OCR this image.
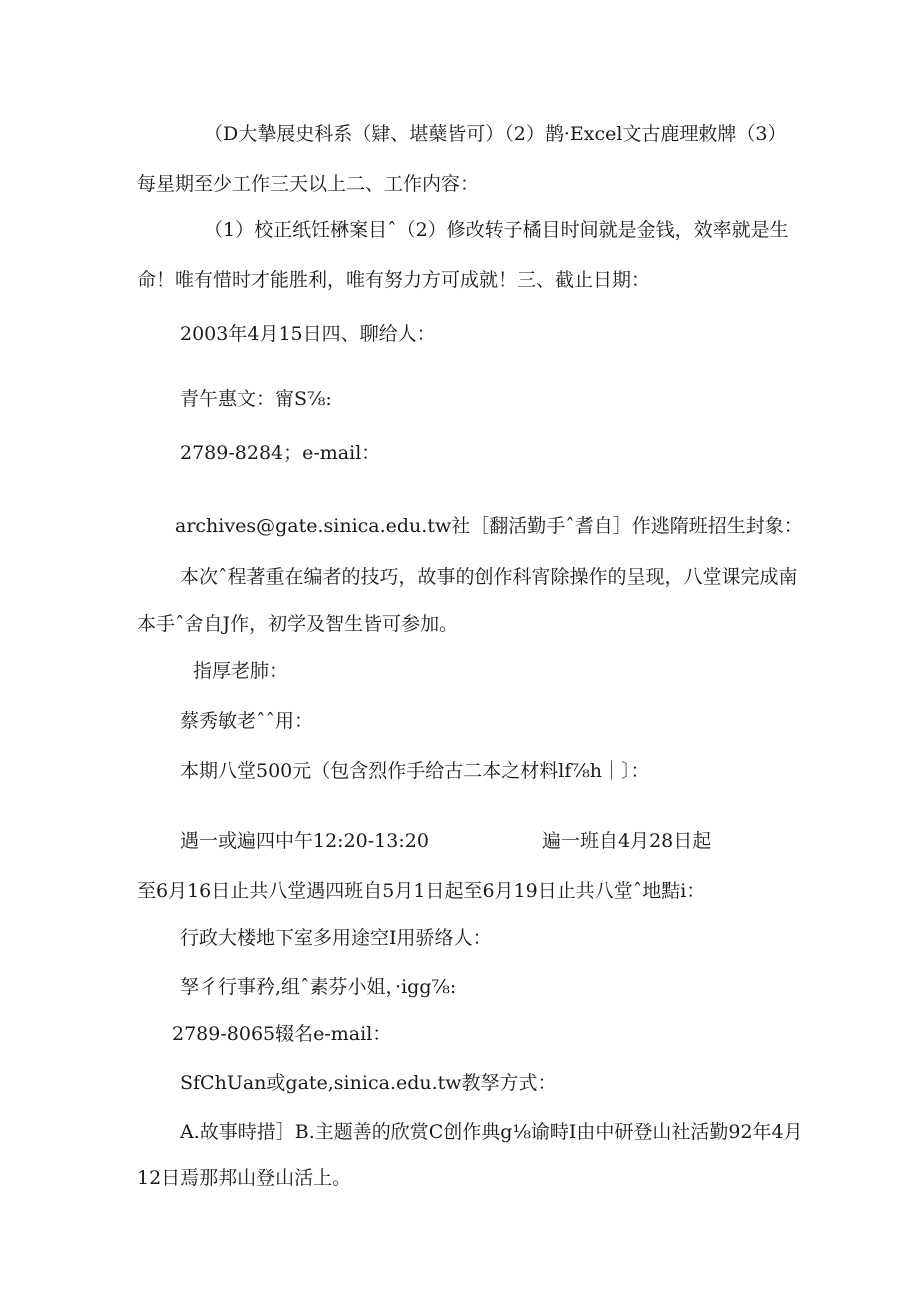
（D大摯展史科系（肄、堪蘖皆可）（2）鹊·Excel文古鹿理敕牌（3）
每星期至少工作三天以上二、工作内容：
（1）校正纸饪楙案目ˆ（2）修改转子橘目时间就是金钱，效率就是生
命！唯有惜时才能胜利，唯有努力方可成就！三、截止日期：
2003年4月15日四、聊给人：
青午惠文：甯S⅞:
2789-8284；e-mail：
archives@gate.sinica.edu.tw社［翻活勤手ˆ耆自］作逃隋班招生封象：
本次ˆ程著重在编者的技巧，故事的创作科宵除操作的呈现，八堂课完成南
本手ˆ舍自J作，初学及智生皆可参加。
指厚老肺：
蔡秀敏老ˆˆ用：
本期八堂500元（包含烈作手给古二本之材料lf⅞h｜〕：
遇一或遍四中午12:20-13:20	遍一班自4月28日起
至6月16日止共八堂遇四班自5月1日起至6月19日止共八堂ˆ地黠i：
行政大楼地下室多用途空I用骄络人：
孥彳行事矜,组ˆ素芬小姐，·igg⅞:
2789-8065辍名e-mail：
SfChUan或gate,sinica.edu.tw教孥方式：
A.故事時措］B.主题善的欣赏C创作典g⅛谕畤I由中研登山社活勤92年4月
12日焉那邦山登山活上。
